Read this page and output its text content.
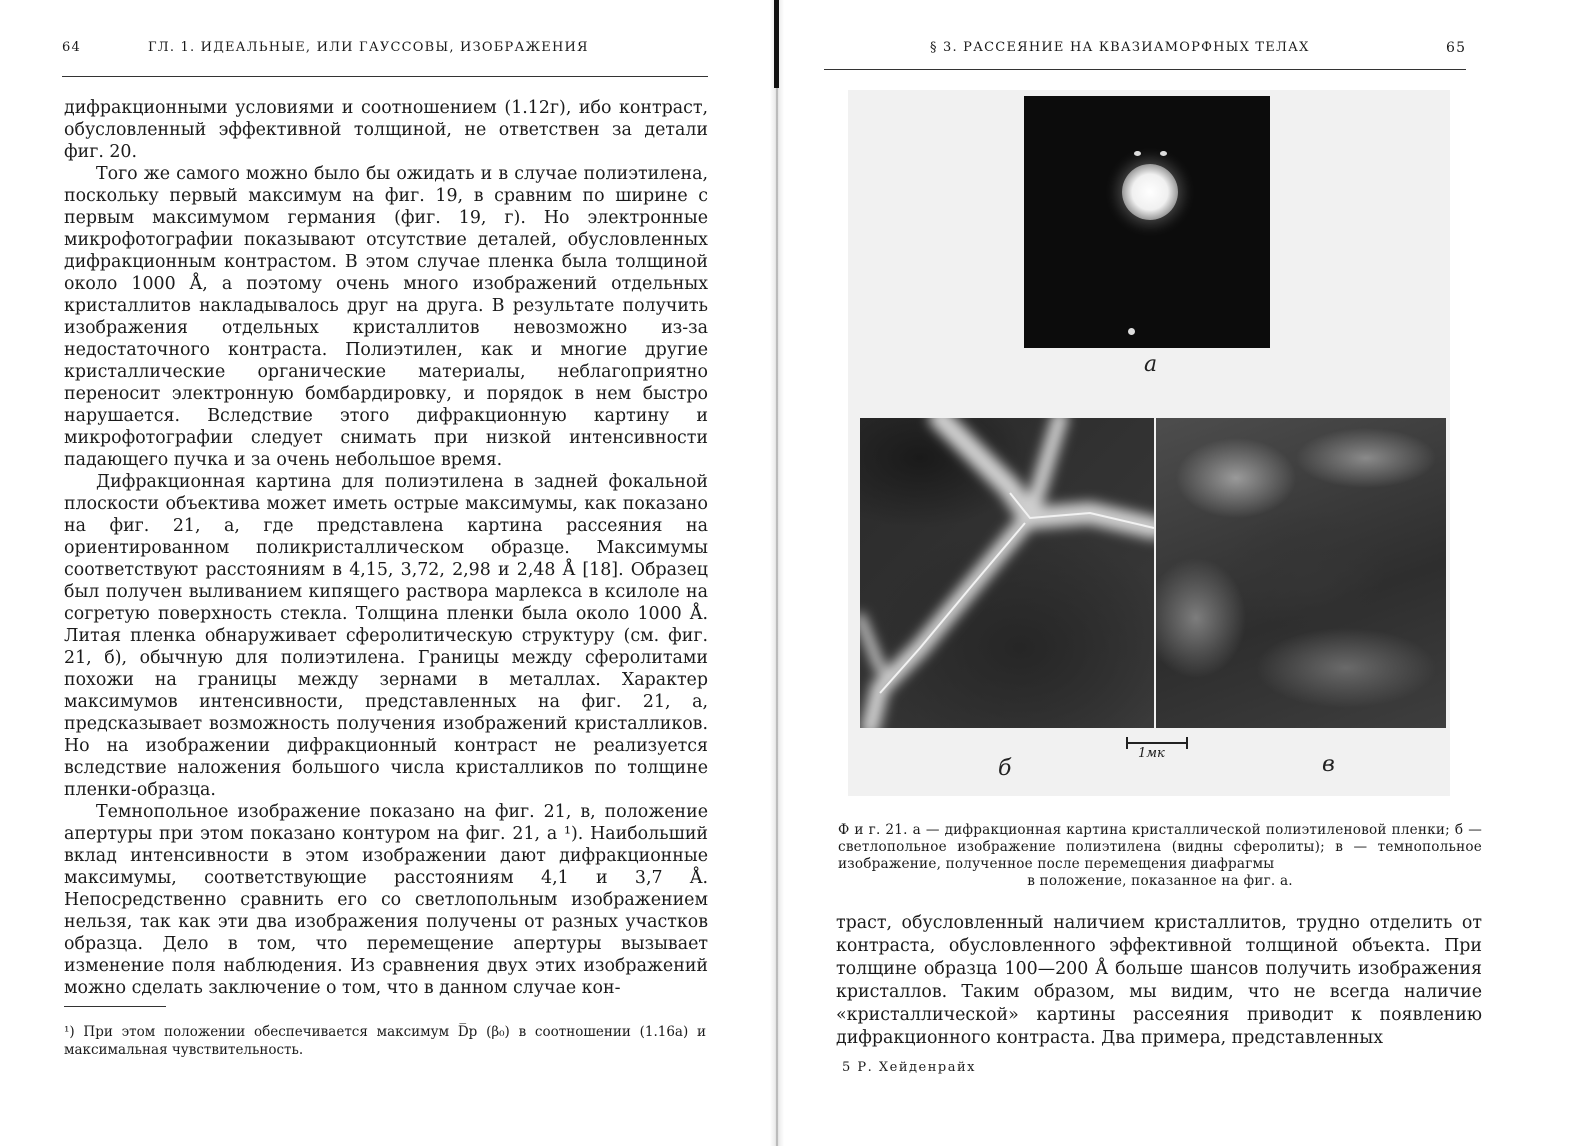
64	ГЛ. 1. ИДЕАЛЬНЫЕ, ИЛИ ГАУССОВЫ, ИЗОБРАЖЕНИЯ

дифракционными условиями и соотношением (1.12г), ибо контраст, обусловленный эффективной толщиной, не ответствен за детали фиг. 20.

Того же самого можно было бы ожидать и в случае полиэтилена, поскольку первый максимум на фиг. 19, в сравним по ширине с первым максимумом германия (фиг. 19, г). Но электронные микрофотографии показывают отсутствие деталей, обусловленных дифракционным контрастом. В этом случае пленка была толщиной около 1000 Å, а поэтому очень много изображений отдельных кристаллитов накладывалось друг на друга. В результате получить изображения отдельных кристаллитов невозможно из-за недостаточного контраста. Полиэтилен, как и многие другие кристаллические органические материалы, неблагоприятно переносит электронную бомбардировку, и порядок в нем быстро нарушается. Вследствие этого дифракционную картину и микрофотографии следует снимать при низкой интенсивности падающего пучка и за очень небольшое время.

Дифракционная картина для полиэтилена в задней фокальной плоскости объектива может иметь острые максимумы, как показано на фиг. 21, а, где представлена картина рассеяния на ориентированном поликристаллическом образце. Максимумы соответствуют расстояниям в 4,15, 3,72, 2,98 и 2,48 Å [18]. Образец был получен выливанием кипящего раствора марлекса в ксилоле на согретую поверхность стекла. Толщина пленки была около 1000 Å. Литая пленка обнаруживает сферолитическую структуру (см. фиг. 21, б), обычную для полиэтилена. Границы между сферолитами похожи на границы между зернами в металлах. Характер максимумов интенсивности, представленных на фиг. 21, а, предсказывает возможность получения изображений кристалликов. Но на изображении дифракционный контраст не реализуется вследствие наложения большого числа кристалликов по толщине пленки-образца.

Темнопольное изображение показано на фиг. 21, в, положение апертуры при этом показано контуром на фиг. 21, а ¹). Наибольший вклад интенсивности в этом изображении дают дифракционные максимумы, соответствующие расстояниям 4,1 и 3,7 Å. Непосредственно сравнить его со светлопольным изображением нельзя, так как эти два изображения получены от разных участков образца. Дело в том, что перемещение апертуры вызывает изменение поля наблюдения. Из сравнения двух этих изображений можно сделать заключение о том, что в данном случае кон-

¹) При этом положении обеспечивается максимум D̅p (β₀) в соотношении (1.16а) и максимальная чувствительность.
§ 3. РАССЕЯНИЕ НА КВАЗИАМОРФНЫХ ТЕЛАХ	65
а
б
1мк	в
Ф и г. 21. а — дифракционная картина кристаллической полиэтиленовой пленки; б — светлопольное изображение полиэтилена (видны сферолиты); в — темнопольное изображение, полученное после перемещения диафрагмы
в положение, показанное на фиг. а.

траст, обусловленный наличием кристаллитов, трудно отделить от контраста, обусловленного эффективной толщиной объекта. При толщине образца 100—200 Å больше шансов получить изображения кристаллов. Таким образом, мы видим, что не всегда наличие «кристаллической» картины рассеяния приводит к появлению дифракционного контраста. Два примера, представленных

5 Р. Хейденрайх
